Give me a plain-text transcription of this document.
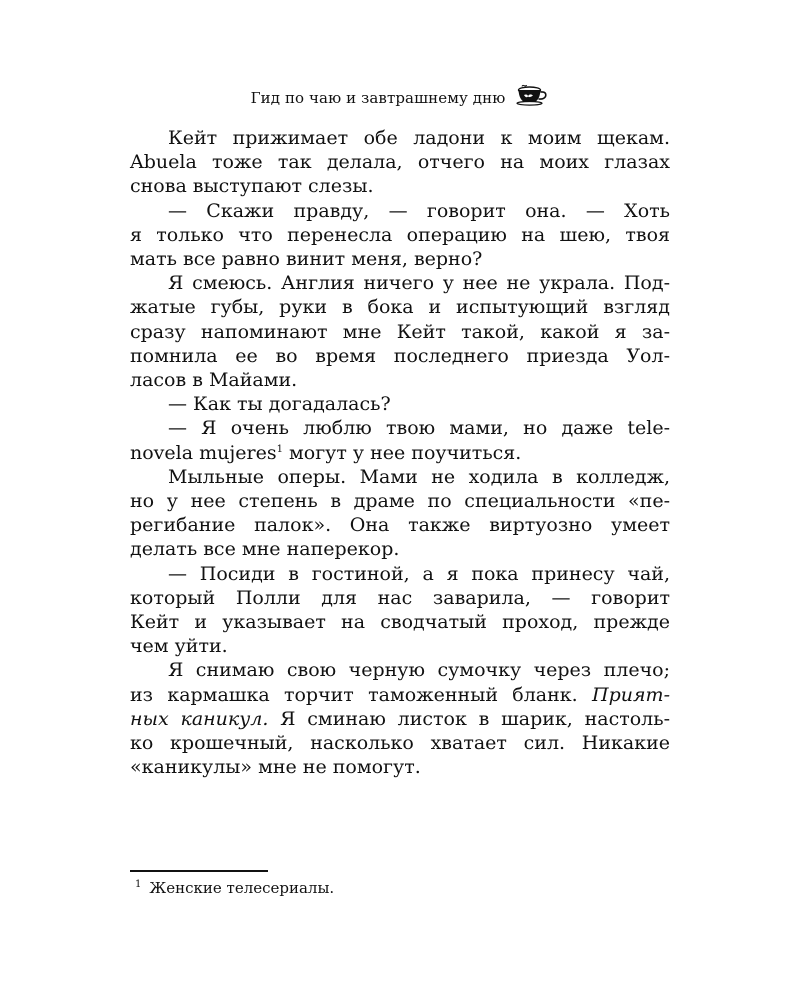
Гид по чаю и завтрашнему дню

Кейт прижимает обе ладони к моим щекам.
Abuela тоже так делала, отчего на моих глазах
снова выступают слезы.

— Скажи правду, — говорит она. — Хоть
я только что перенесла операцию на шею, твоя
мать все равно винит меня, верно?

Я смеюсь. Англия ничего у нее не украла. Под-
жатые губы, руки в бока и испытующий взгляд
сразу напоминают мне Кейт такой, какой я за-
помнила ее во время последнего приезда Уол-
ласов в Майами.

— Как ты догадалась?

— Я очень люблю твою мами, но даже tele-
novela mujeres$^1$ могут у нее поучиться.

Мыльные оперы. Мами не ходила в колледж,
но у нее степень в драме по специальности «пе-
регибание палок». Она также виртуозно умеет
делать все мне наперекор.

— Посиди в гостиной, а я пока принесу чай,
который Полли для нас заварила, — говорит
Кейт и указывает на сводчатый проход, прежде
чем уйти.

Я снимаю свою черную сумочку через плечо;
из кармашка торчит таможенный бланк. Прият-
ных каникул. Я сминаю листок в шарик, настоль-
ко крошечный, насколько хватает сил. Никакие
«каникулы» мне не помогут.

1 Женские телесериалы.
